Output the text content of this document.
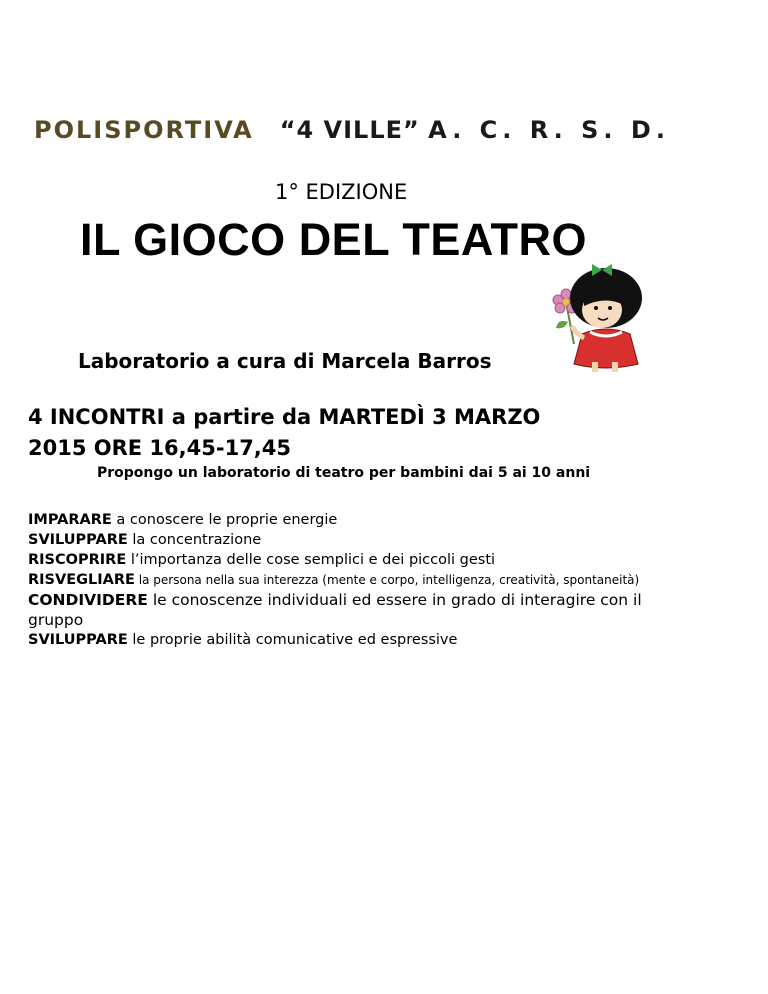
POLISPORTIVA “4 VILLE” A. C. R. S. D.
1° EDIZIONE
IL GIOCO DEL TEATRO
Laboratorio a cura di Marcela Barros
4 INCONTRI a partire da MARTEDÌ 3 MARZO
2015 ORE 16,45-17,45
Propongo un laboratorio di teatro per bambini dai 5 ai 10 anni
IMPARARE a conoscere le proprie energie
SVILUPPARE la concentrazione
RISCOPRIRE l’importanza delle cose semplici e dei piccoli gesti
RISVEGLIARE la persona nella sua interezza (mente e corpo, intelligenza, creatività, spontaneità)
CONDIVIDERE le conoscenze individuali ed essere in grado di interagire con il gruppo
SVILUPPARE le proprie abilità comunicative ed espressive
